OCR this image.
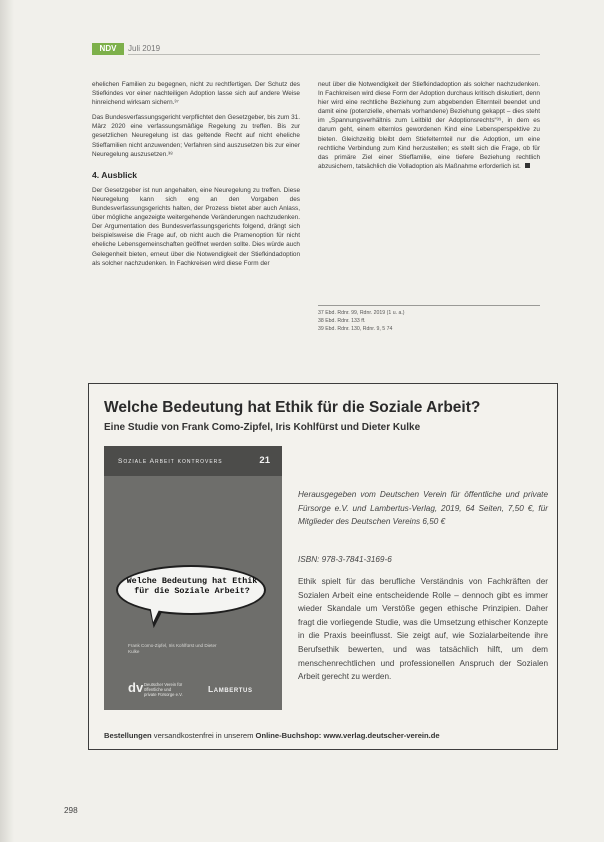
NDV	Juli 2019

ehelichen Familien zu begegnen, nicht zu rechtfertigen. Der Schutz des Stiefkindes vor einer nachteiligen Adoption lasse sich auf andere Weise hinreichend wirksam sichern.³⁷

Das Bundesverfassungsgericht verpflichtet den Gesetzgeber, bis zum 31. März 2020 eine verfassungsmäßige Regelung zu treffen. Bis zur gesetzlichen Neuregelung ist das geltende Recht auf nicht eheliche Stieffamilien nicht anzuwenden; Verfahren sind auszusetzen bis zur einer Neuregelung auszusetzen.³⁸

4. Ausblick

Der Gesetzgeber ist nun angehalten, eine Neuregelung zu treffen. Diese Neuregelung kann sich eng an den Vorgaben des Bundesverfassungsgerichts halten, der Prozess bietet aber auch Anlass, über mögliche angezeigte weitergehende Veränderungen nachzudenken. Der Argumentation des Bundesverfassungsgerichts folgend, drängt sich beispielsweise die Frage auf, ob nicht auch die Pramenoption für nicht eheliche Lebensgemeinschaften geöffnet werden sollte. Dies würde auch Gelegenheit bieten, erneut über die Notwendigkeit der Stiefkindadoption als solcher nachzudenken. In Fachkreisen wird diese Form der

neut über die Notwendigkeit der Stiefkindadoption als solcher nachzudenken. In Fachkreisen wird diese Form der Adoption durchaus kritisch diskutiert, denn hier wird eine rechtliche Beziehung zum abgebenden Elternteil beendet und damit eine (potenzielle, ehemals vorhandene) Beziehung gekappt – dies steht im „Spannungsverhältnis zum Leitbild der Adoptionsrechts“³⁹, in dem es darum geht, einem elternlos gewordenen Kind eine Lebensperspektive zu bieten. Gleichzeitig bleibt dem Stiefelternteil nur die Adoption, um eine rechtliche Verbindung zum Kind herzustellen; es stellt sich die Frage, ob für das primäre Ziel einer Stieffamilie, eine tiefere Beziehung rechtlich abzusichern, tatsächlich die Volladoption als Maßnahme erforderlich ist.

37 Ebd. Rdnr. 99, Rdnr. 2019 (1 u. a.)
38 Ebd. Rdnr. 133 ff.
39 Ebd. Rdnr. 130, Rdnr. 9, 5 74
Welche Bedeutung hat Ethik für die Soziale Arbeit?
Eine Studie von Frank Como-Zipfel, Iris Kohlfürst und Dieter Kulke
Soziale Arbeit kontrovers	21
Welche Bedeutung hat Ethik für die Soziale Arbeit?
Frank Como-Zipfel, Iris Kohlfürst und Dieter Kulke
dv Deutscher Verein für öffentliche und private Fürsorge e.V.
Lambertus
Herausgegeben vom Deutschen Verein für öffentliche und private Fürsorge e.V. und Lambertus-Verlag, 2019, 64 Seiten, 7,50 €, für Mitglieder des Deutschen Vereins 6,50 €
ISBN: 978-3-7841-3169-6
Ethik spielt für das berufliche Verständnis von Fachkräften der Sozialen Arbeit eine entscheidende Rolle – dennoch gibt es immer wieder Skandale um Verstöße gegen ethische Prinzipien. Daher fragt die vorliegende Studie, was die Umsetzung ethischer Konzepte in die Praxis beeinflusst. Sie zeigt auf, wie Sozialarbeitende ihre Berufsethik bewerten, und was tatsächlich hilft, um dem menschenrechtlichen und professionellen Anspruch der Sozialen Arbeit gerecht zu werden.
Bestellungen versandkostenfrei in unserem Online-Buchshop: www.verlag.deutscher-verein.de
298
